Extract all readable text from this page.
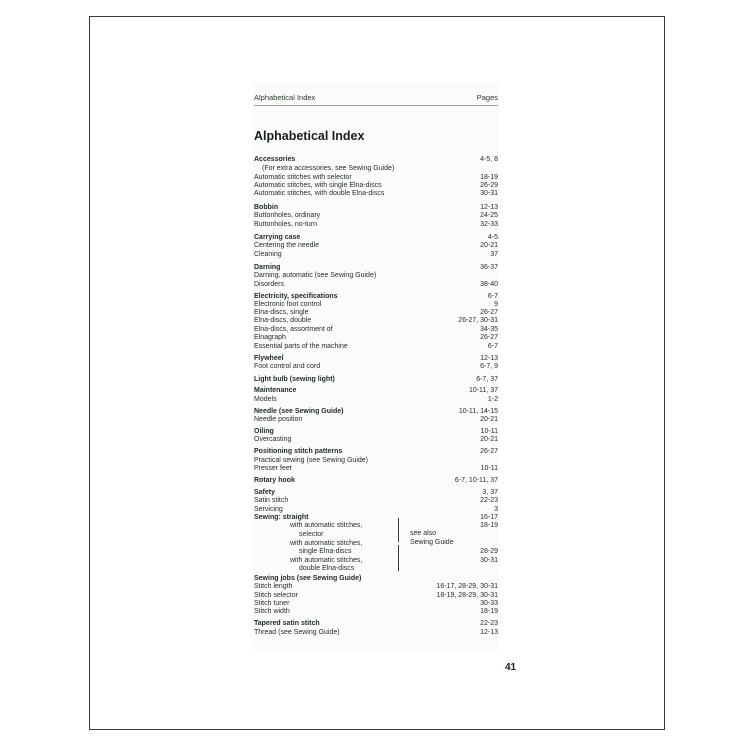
Alphabetical Index	Pages
Alphabetical Index
Accessories	4-5, 8
(For extra accessories, see Sewing Guide)
Automatic stitches with selector	18-19
Automatic stitches, with single Elna-discs	26-29
Automatic stitches, with double Elna-discs	30-31
Bobbin	12-13
Buttonholes, ordinary	24-25
Buttonholes, no-turn	32-33
Carrying case	4-5
Centering the needle	20-21
Cleaning	37
Darning	36-37
Darning, automatic (see Sewing Guide)
Disorders	38-40
Electricity, specifications	6-7
Electronic foot control	9
Elna-discs, single	26-27
Elna-discs, double	26-27, 30-31
Elna-discs, assortment of	34-35
Elnagraph	26-27
Essential parts of the machine	6-7
Flywheel	12-13
Foot control and cord	6-7, 9
Light bulb (sewing light)	6-7, 37
Maintenance	10-11, 37
Models	1-2
Needle (see Sewing Guide)	10-11, 14-15
Needle position	20-21
Oiling	10-11
Overcasting	20-21
Positioning stitch patterns	26-27
Practical sewing (see Sewing Guide)
Presser feet	10-11
Rotary hook	6-7, 10-11, 37
Safety	3, 37
Satin stitch	22-23
Servicing	3
Sewing: straight	16-17
with automatic stitches,	18-19
selector
with automatic stitches,
single Elna-discs	28-29
with automatic stitches,	30-31
double Elna-discs
Sewing jobs (see Sewing Guide)
Stitch length	16-17, 28-29, 30-31
Stitch selector	18-19, 28-29, 30-31
Stitch tuner	30-33
Stitch width	18-19
Tapered satin stitch	22-23
Thread (see Sewing Guide)	12-13
see also
Sewing Guide
41
